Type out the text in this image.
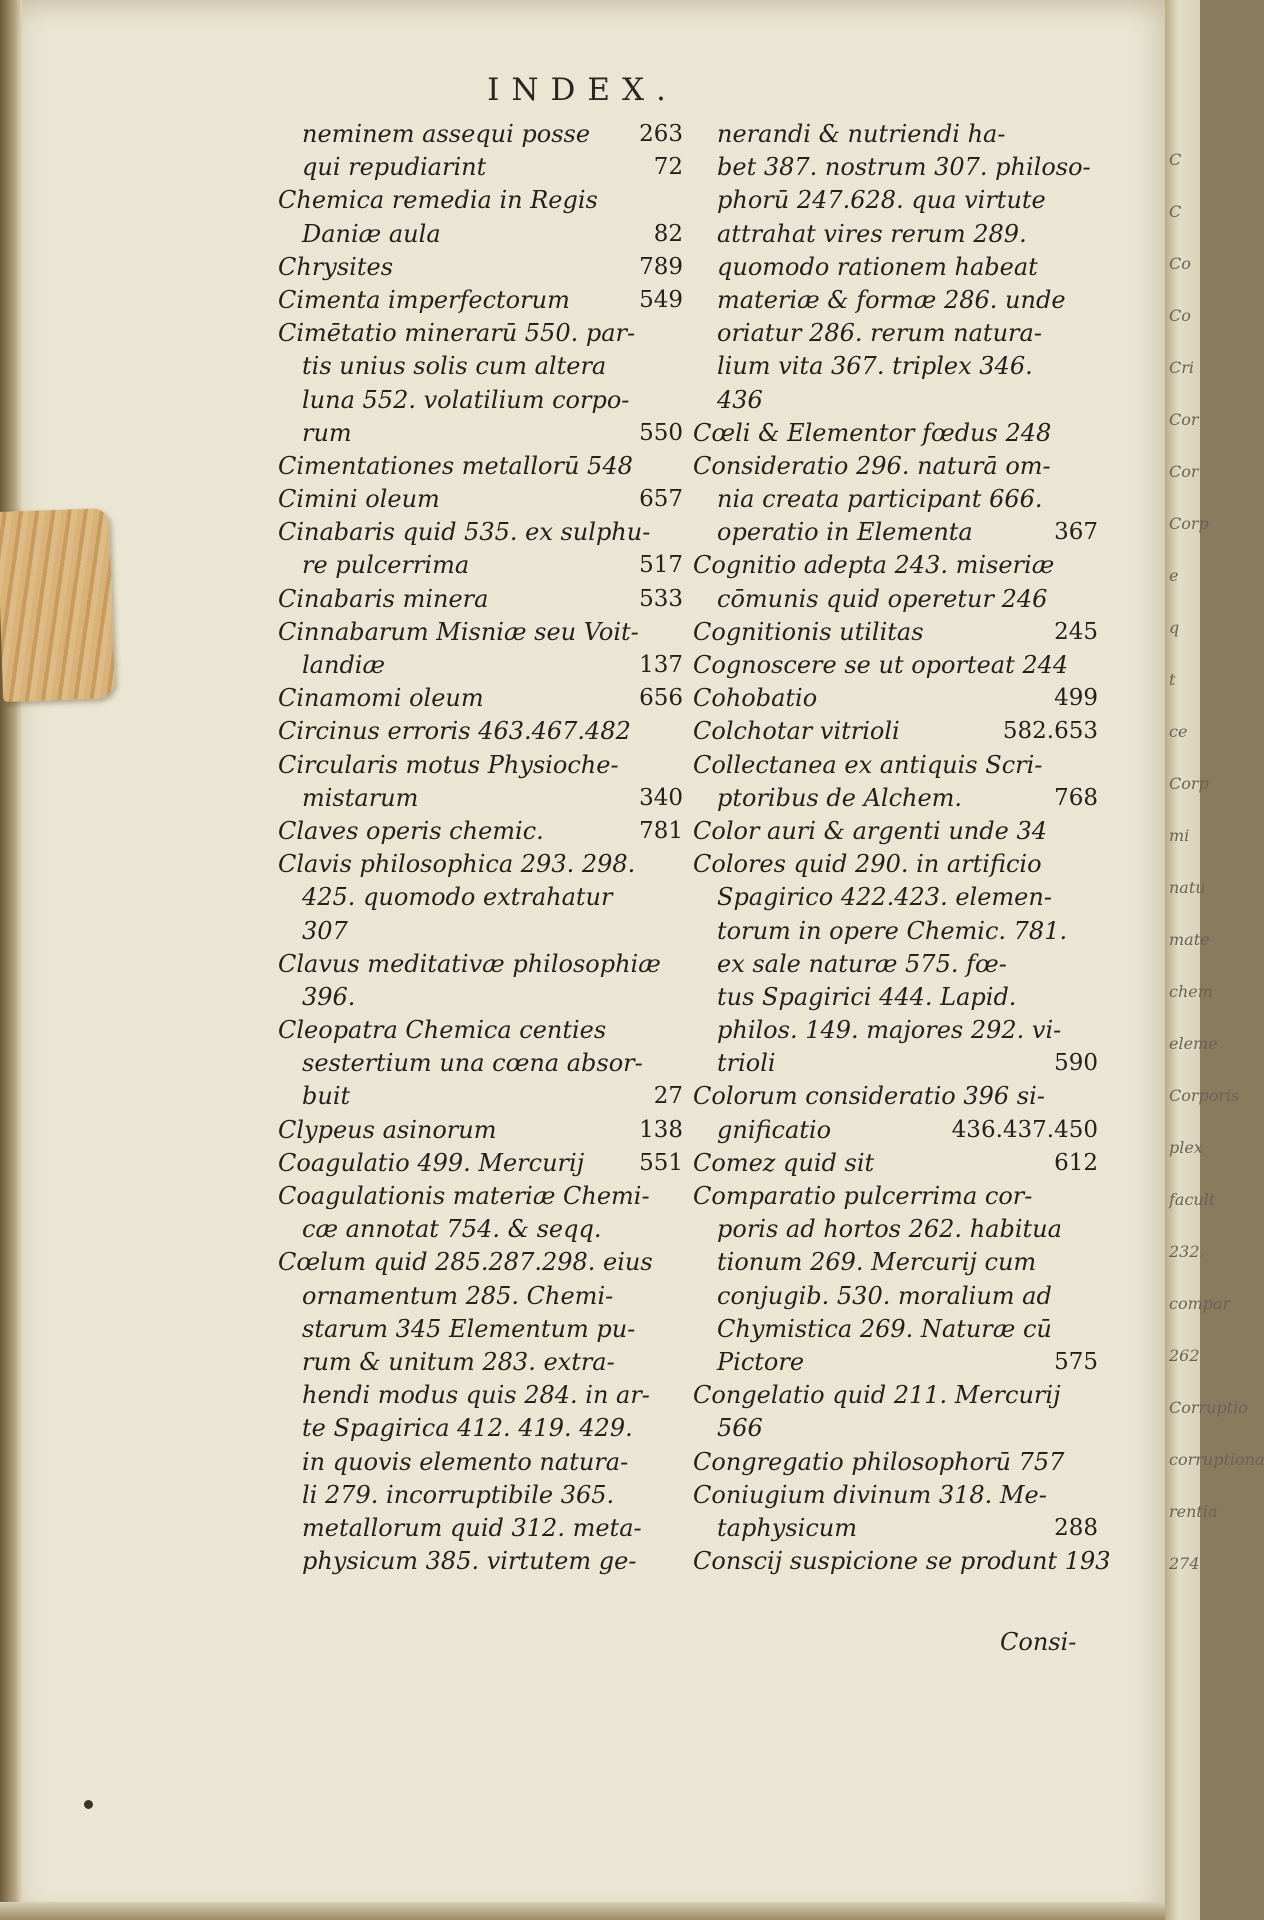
INDEX.
neminem assequi posse 263
qui repudiarint	72
Chemica remedia in Regis
Daniæ aula	82
Chrysites	789
Cimenta imperfectorum	549
Cimētatio minerarū 550. par-
tis unius solis cum altera
luna 552. volatilium corpo-
rum	550
Cimentationes metallorū 548
Cimini oleum	657
Cinabaris quid 535. ex sulphu-
re pulcerrima	517
Cinabaris minera	533
Cinnabarum Misniæ seu Voit-
landiæ	137
Cinamomi oleum	656
Circinus erroris 463.467.482
Circularis motus Physioche-
mistarum	340
Claves operis chemic.	781
Clavis philosophica 293. 298.
425. quomodo extrahatur
307
Clavus meditativæ philosophiæ
396.
Cleopatra Chemica centies
sestertium una cœna absor-
buit	27
Clypeus asinorum	138
Coagulatio 499. Mercurij 551
Coagulationis materiæ Chemi-
cæ annotat 754. & seqq.
Cœlum quid 285.287.298. eius
ornamentum 285. Chemi-
starum 345 Elementum pu-
rum & unitum 283. extra-
hendi modus quis 284. in ar-
te Spagirica 412. 419. 429.
in quovis elemento natura-
li 279. incorruptibile 365.
metallorum quid 312. meta-
physicum 385. virtutem ge-
nerandi & nutriendi ha-
bet 387. nostrum 307. philoso-
phorū 247.628. qua virtute
attrahat vires rerum 289.
quomodo rationem habeat
materiæ & formæ 286. unde
oriatur 286. rerum natura-
lium vita 367. triplex 346.
436
Cœli & Elementor fœdus 248
Consideratio 296. naturā om-
nia creata participant 666.
operatio in Elementa	367
Cognitio adepta 243. miseriæ
cōmunis quid operetur 246
Cognitionis utilitas	245
Cognoscere se ut oporteat 244
Cohobatio	499
Colchotar vitrioli	582.653
Collectanea ex antiquis Scri-
ptoribus de Alchem.	768
Color auri & argenti unde 34
Colores quid 290. in artificio
Spagirico 422.423. elemen-
torum in opere Chemic. 781.
ex sale naturæ 575. fœ-
tus Spagirici 444. Lapid.
philos. 149. majores 292. vi-
trioli	590
Colorum consideratio 396 si-
gnificatio	436.437.450
Comez quid sit	612
Comparatio pulcerrima cor-
poris ad hortos 262. habitua
tionum 269. Mercurij cum
conjugib. 530. moralium ad
Chymistica 269. Naturæ cū
Pictore	575
Congelatio quid 211. Mercurij
566
Congregatio philosophorū 757
Coniugium divinum 318. Me-
taphysicum	288
Conscij suspicione se produnt 193
Consi-
C
C
Co
Co
Cri
Cor
Cor
Corp
e
q
t
ce
Corp
mi
natu
mate
chem
eleme
Corporis
plex
facult
232.
compar
262
Corruptio
corruptiona
rentia
274
